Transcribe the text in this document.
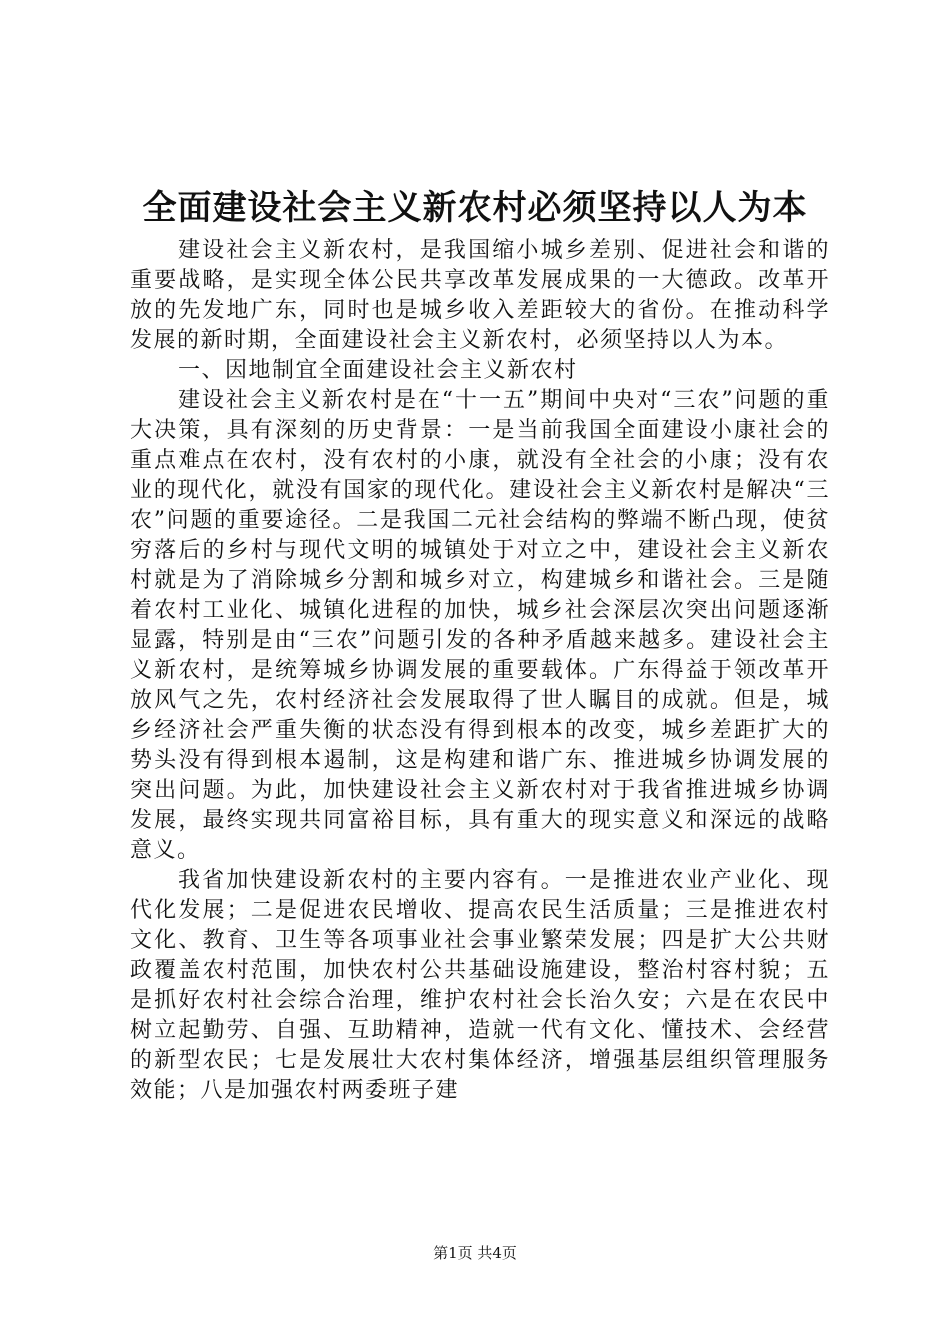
全面建设社会主义新农村必须坚持以人为本

建设社会主义新农村，是我国缩小城乡差别、促进社会和谐的重要战略，是实现全体公民共享改革发展成果的一大德政。改革开放的先发地广东，同时也是城乡收入差距较大的省份。在推动科学发展的新时期，全面建设社会主义新农村，必须坚持以人为本。

一、因地制宜全面建设社会主义新农村

建设社会主义新农村是在“十一五”期间中央对“三农”问题的重大决策，具有深刻的历史背景：一是当前我国全面建设小康社会的重点难点在农村，没有农村的小康，就没有全社会的小康；没有农业的现代化，就没有国家的现代化。建设社会主义新农村是解决“三农”问题的重要途径。二是我国二元社会结构的弊端不断凸现，使贫穷落后的乡村与现代文明的城镇处于对立之中，建设社会主义新农村就是为了消除城乡分割和城乡对立，构建城乡和谐社会。三是随着农村工业化、城镇化进程的加快，城乡社会深层次突出问题逐渐显露，特别是由“三农”问题引发的各种矛盾越来越多。建设社会主义新农村，是统筹城乡协调发展的重要载体。广东得益于领改革开放风气之先，农村经济社会发展取得了世人瞩目的成就。但是，城乡经济社会严重失衡的状态没有得到根本的改变，城乡差距扩大的势头没有得到根本遏制，这是构建和谐广东、推进城乡协调发展的突出问题。为此，加快建设社会主义新农村对于我省推进城乡协调发展，最终实现共同富裕目标，具有重大的现实意义和深远的战略意义。

我省加快建设新农村的主要内容有。一是推进农业产业化、现代化发展；二是促进农民增收、提高农民生活质量；三是推进农村文化、教育、卫生等各项事业社会事业繁荣发展；四是扩大公共财政覆盖农村范围，加快农村公共基础设施建设，整治村容村貌；五是抓好农村社会综合治理，维护农村社会长治久安；六是在农民中树立起勤劳、自强、互助精神，造就一代有文化、懂技术、会经营的新型农民；七是发展壮大农村集体经济，增强基层组织管理服务效能；八是加强农村两委班子建

第1页 共4页
